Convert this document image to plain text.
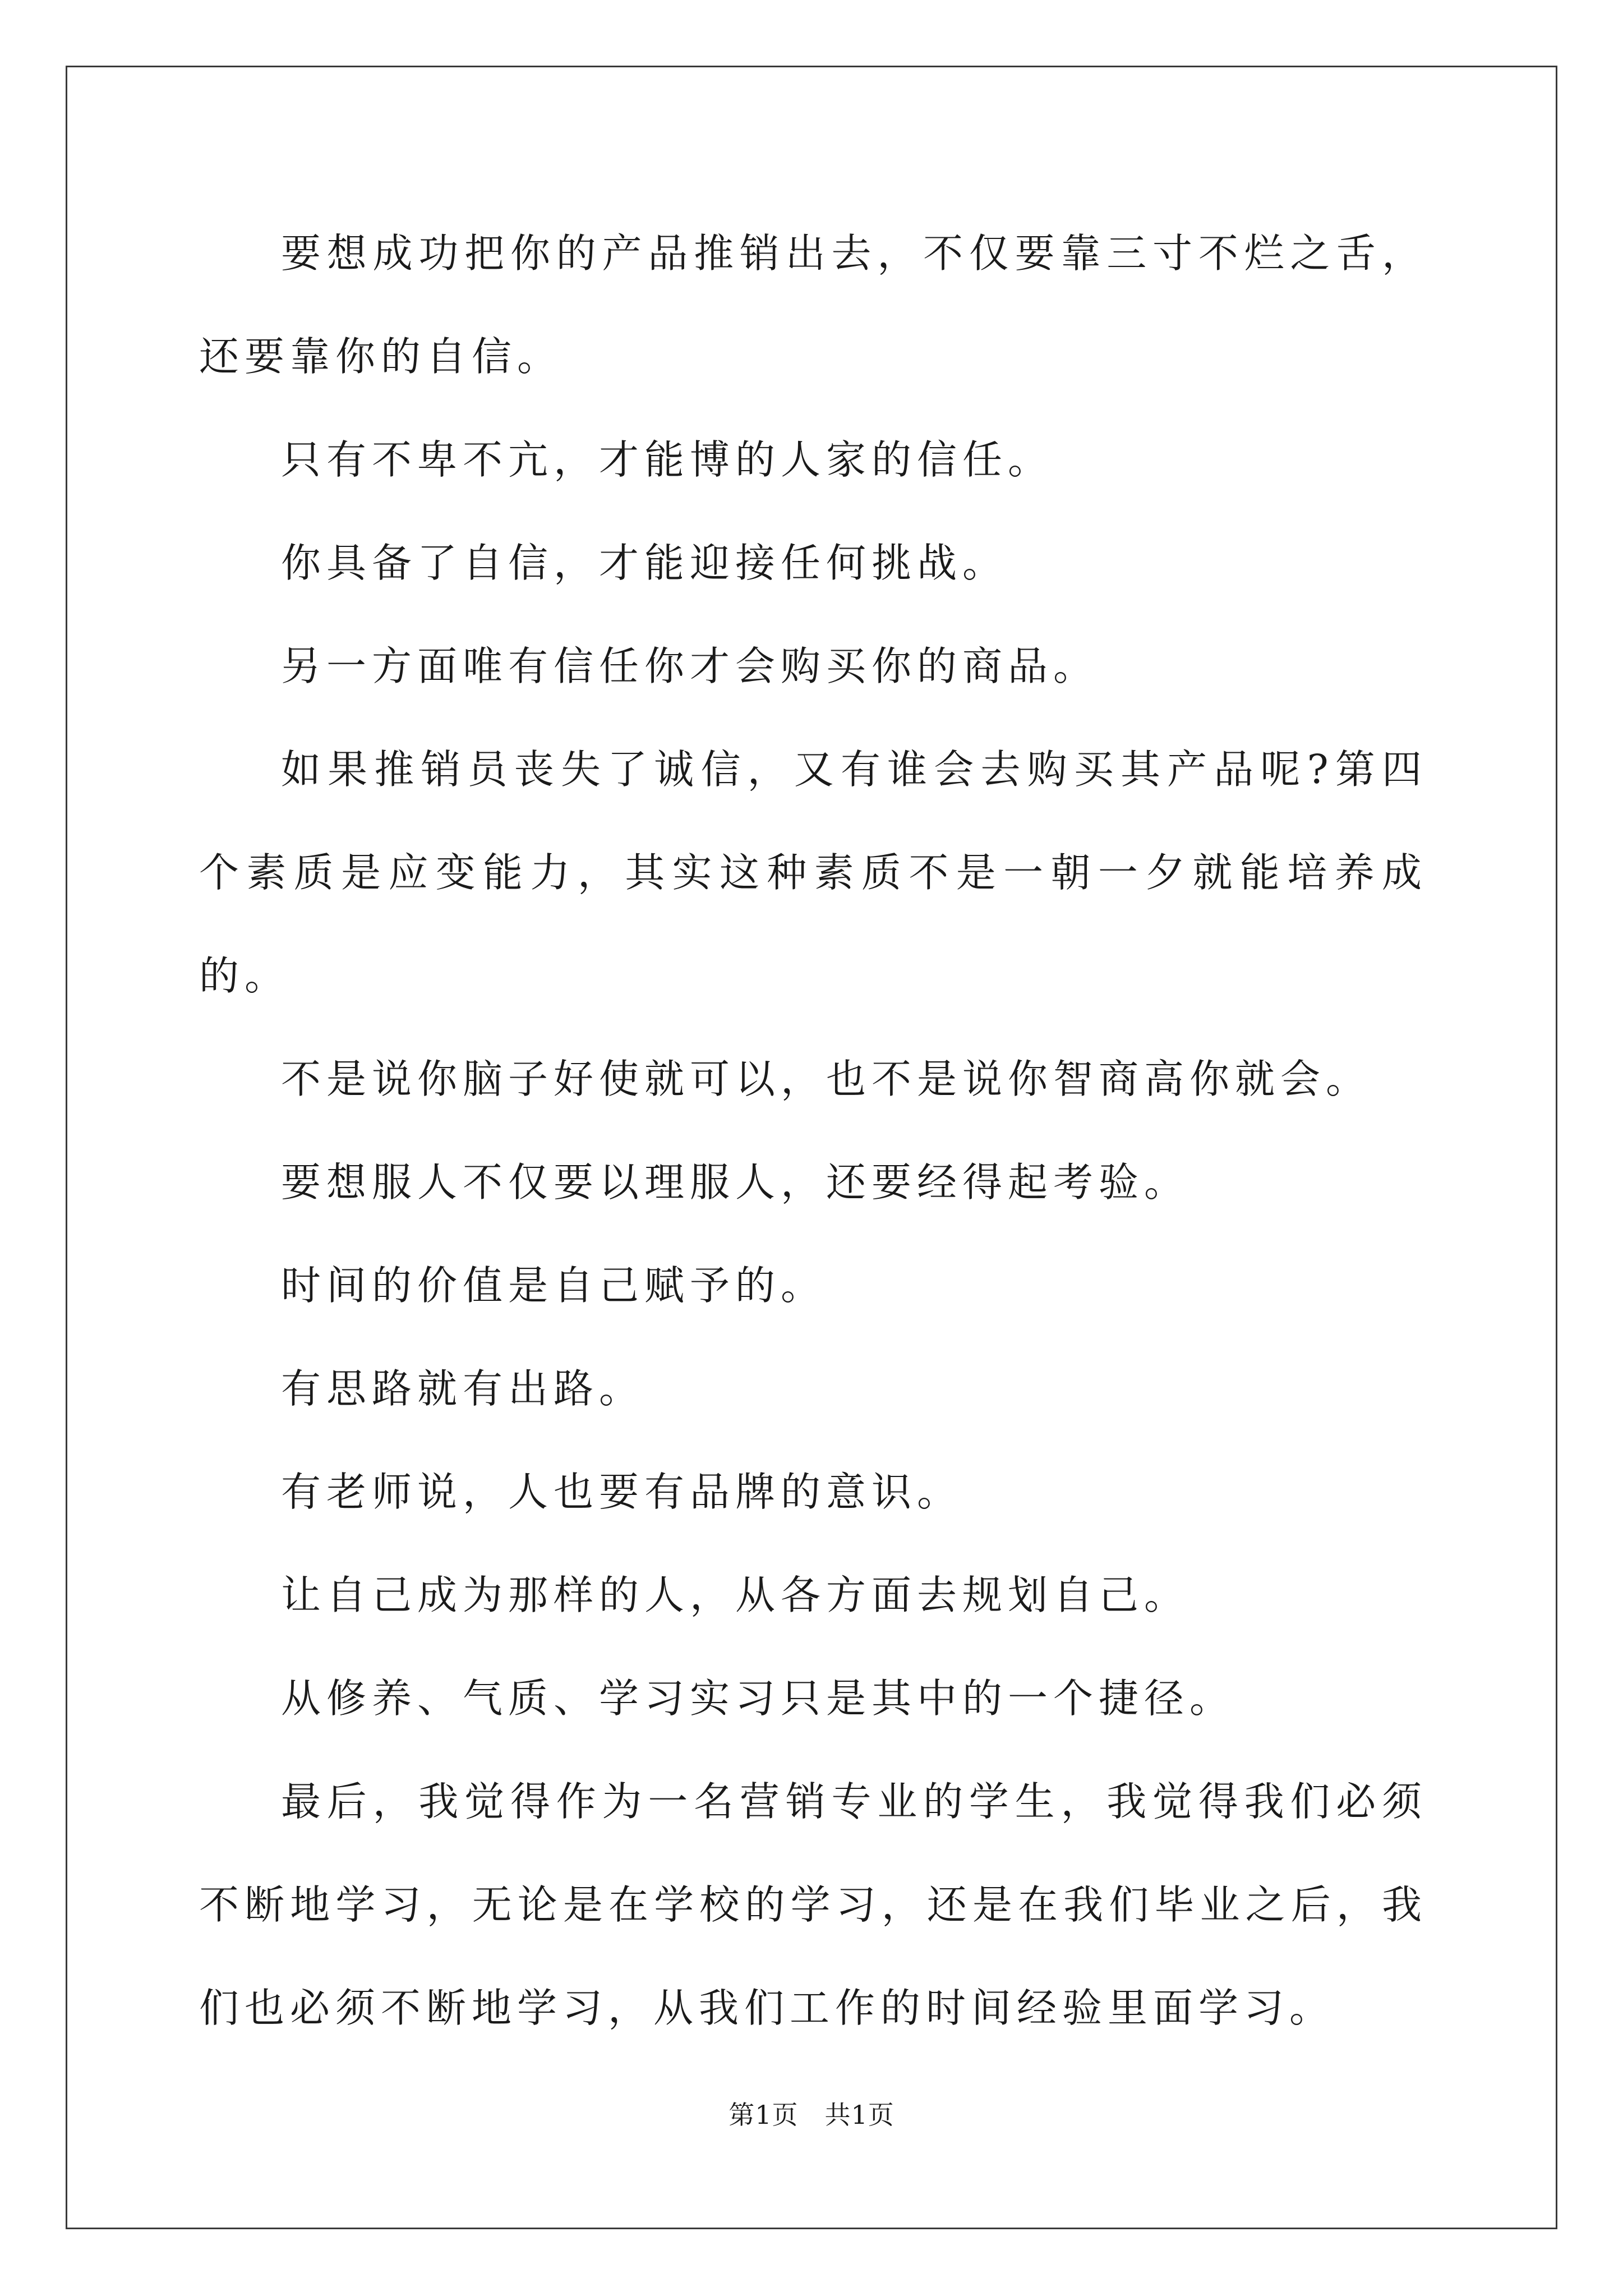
要想成功把你的产品推销出去，不仅要靠三寸不烂之舌，还要靠你的自信。

只有不卑不亢，才能博的人家的信任。

你具备了自信，才能迎接任何挑战。

另一方面唯有信任你才会购买你的商品。

如果推销员丧失了诚信，又有谁会去购买其产品呢?第四个素质是应变能力，其实这种素质不是一朝一夕就能培养成的。

不是说你脑子好使就可以，也不是说你智商高你就会。

要想服人不仅要以理服人，还要经得起考验。

时间的价值是自己赋予的。

有思路就有出路。

有老师说，人也要有品牌的意识。

让自己成为那样的人，从各方面去规划自己。

从修养、气质、学习实习只是其中的一个捷径。

最后，我觉得作为一名营销专业的学生，我觉得我们必须不断地学习，无论是在学校的学习，还是在我们毕业之后，我们也必须不断地学习，从我们工作的时间经验里面学习。

第1页　共1页
